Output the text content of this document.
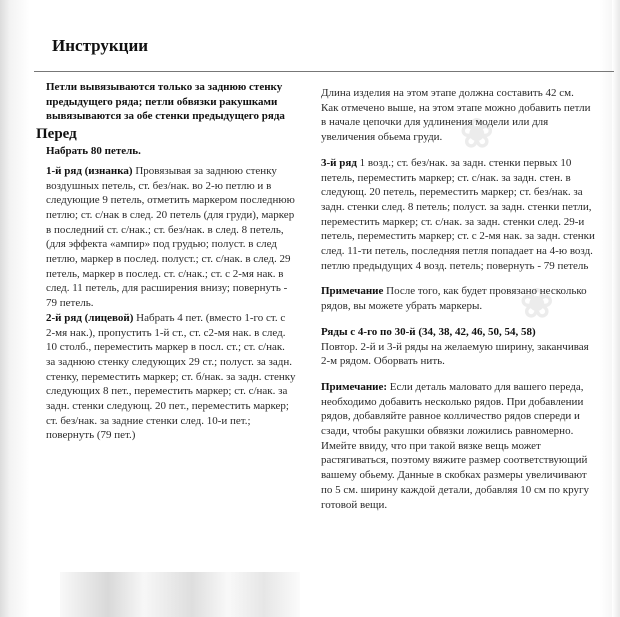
❀
❀
Инструкции

Петли вывязываются только за заднюю стенку предыдущего ряда; петли обвязки ракушками вывязываются за обе стенки предыдущего ряда

Перед

Набрать 80 петель.

1-й ряд (изнанка) Провязывая за заднюю стенку воздушных петель, ст. без/нак. во 2-ю петлю и в следующие 9 петель, отметить маркером последнюю петлю; ст. с/нак в след. 20 петель (для груди), маркер в последний ст. с/нак.; ст. без/нак. в след. 8 петель,(для эффекта «ампир» под грудью; полуст. в след петлю, маркер в послед. полуст.; ст. с/нак. в след. 29 петель, маркер в послед. ст. с/нак.; ст. с 2-мя нак. в след. 11 петель, для расширения внизу; повернуть - 79 петель.

2-й ряд (лицевой) Набрать 4 пет. (вместо 1-го ст. с 2-мя нак.), пропустить 1-й ст., ст. с2-мя нак. в след. 10 столб., переместить маркер в посл. ст.; ст. с/нак. за заднюю стенку следующих 29 ст.; полуст. за задн. стенку, переместить маркер; ст. б/нак. за задн. стенку следующих 8 пет., переместить маркер; ст. с/нак. за задн. стенки следующ. 20 пет., переместить маркер; ст. без/нак. за задние стенки след. 10-и пет.; повернуть (79 пет.)

Длина изделия на этом этапе должна составить 42 см.

Как отмечено выше, на этом этапе можно добавить петли в начале цепочки для удлинения модели или для увеличения обьема груди.

3-й ряд 1 возд.; ст. без/нак. за задн. стенки первых 10 петель, переместить маркер; ст. с/нак. за задн. стен. в следующ. 20 петель, переместить маркер; ст. без/нак. за задн. стенки след. 8 петель; полуст. за задн. стенки петли, переместить маркер; ст. с/нак. за задн. стенки след. 29-и петель, переместить маркер; ст. с 2-мя нак. за задн. стенки след. 11-ти петель, последняя петля попадает на 4-ю возд. петлю предыдущих 4 возд. петель; повернуть - 79 петель

Примечание После того, как будет провязано несколько рядов, вы можете убрать маркеры.

Ряды с 4-го по 30-й (34, 38, 42, 46, 50, 54, 58)

Повтор. 2-й и 3-й ряды на желаемую ширину, заканчивая 2-м рядом. Оборвать нить.

Примечание: Если деталь маловато для вашего переда, необходимо добавить несколько рядов. При добавлении рядов, добавляйте равное колличество рядов спереди и сзади, чтобы ракушки обвязки ложились равномерно. Имейте ввиду, что при такой вязке вещь может растягиваться, поэтому вяжите размер соответствующий вашему обьему. Данные в скобках размеры увеличивают по 5 см. ширину каждой детали, добавляя 10 см по кругу готовой вещи.
